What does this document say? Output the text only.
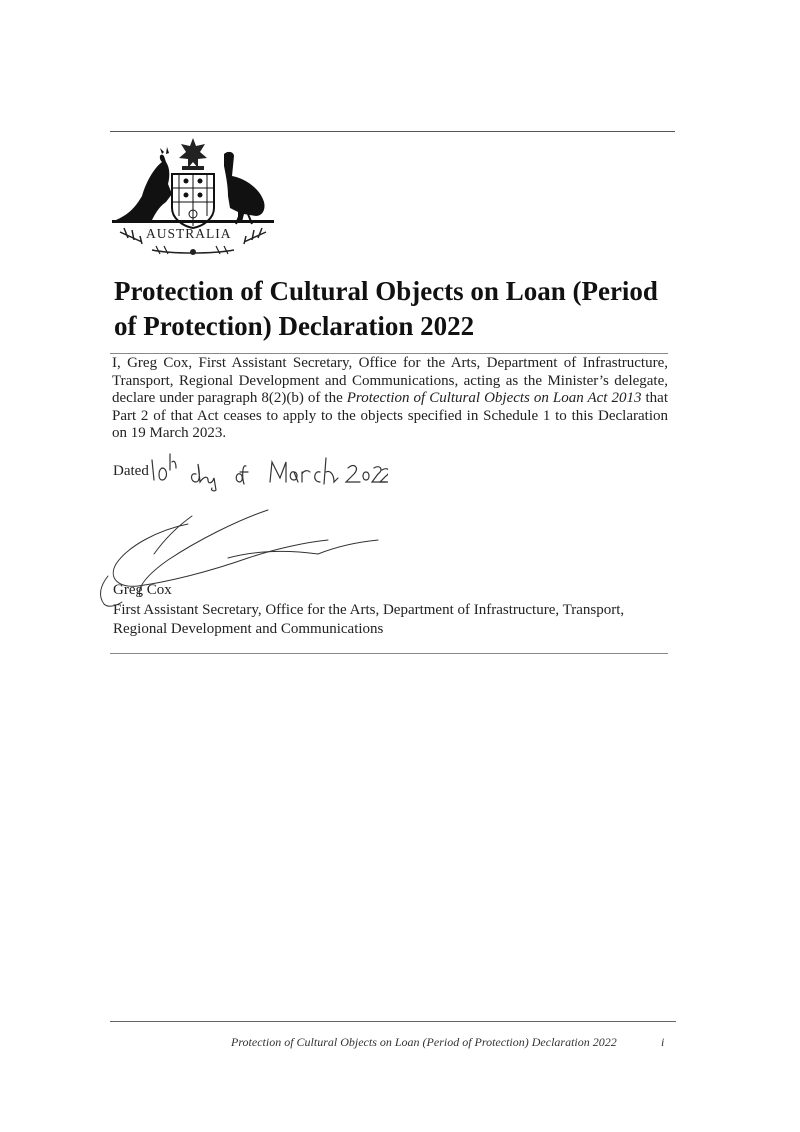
AUSTRALIA
Protection of Cultural Objects on Loan (Period of Protection) Declaration 2022

I, Greg Cox, First Assistant Secretary, Office for the Arts, Department of Infrastructure, Transport, Regional Development and Communications, acting as the Minister’s delegate, declare under paragraph 8(2)(b) of the Protection of Cultural Objects on Loan Act 2013 that Part 2 of that Act ceases to apply to the objects specified in Schedule 1 to this Declaration on 19 March 2023.

Dated
Greg Cox

First Assistant Secretary, Office for the Arts, Department of Infrastructure, Transport, Regional Development and Communications

Protection of Cultural Objects on Loan (Period of Protection) Declaration 2022	i
